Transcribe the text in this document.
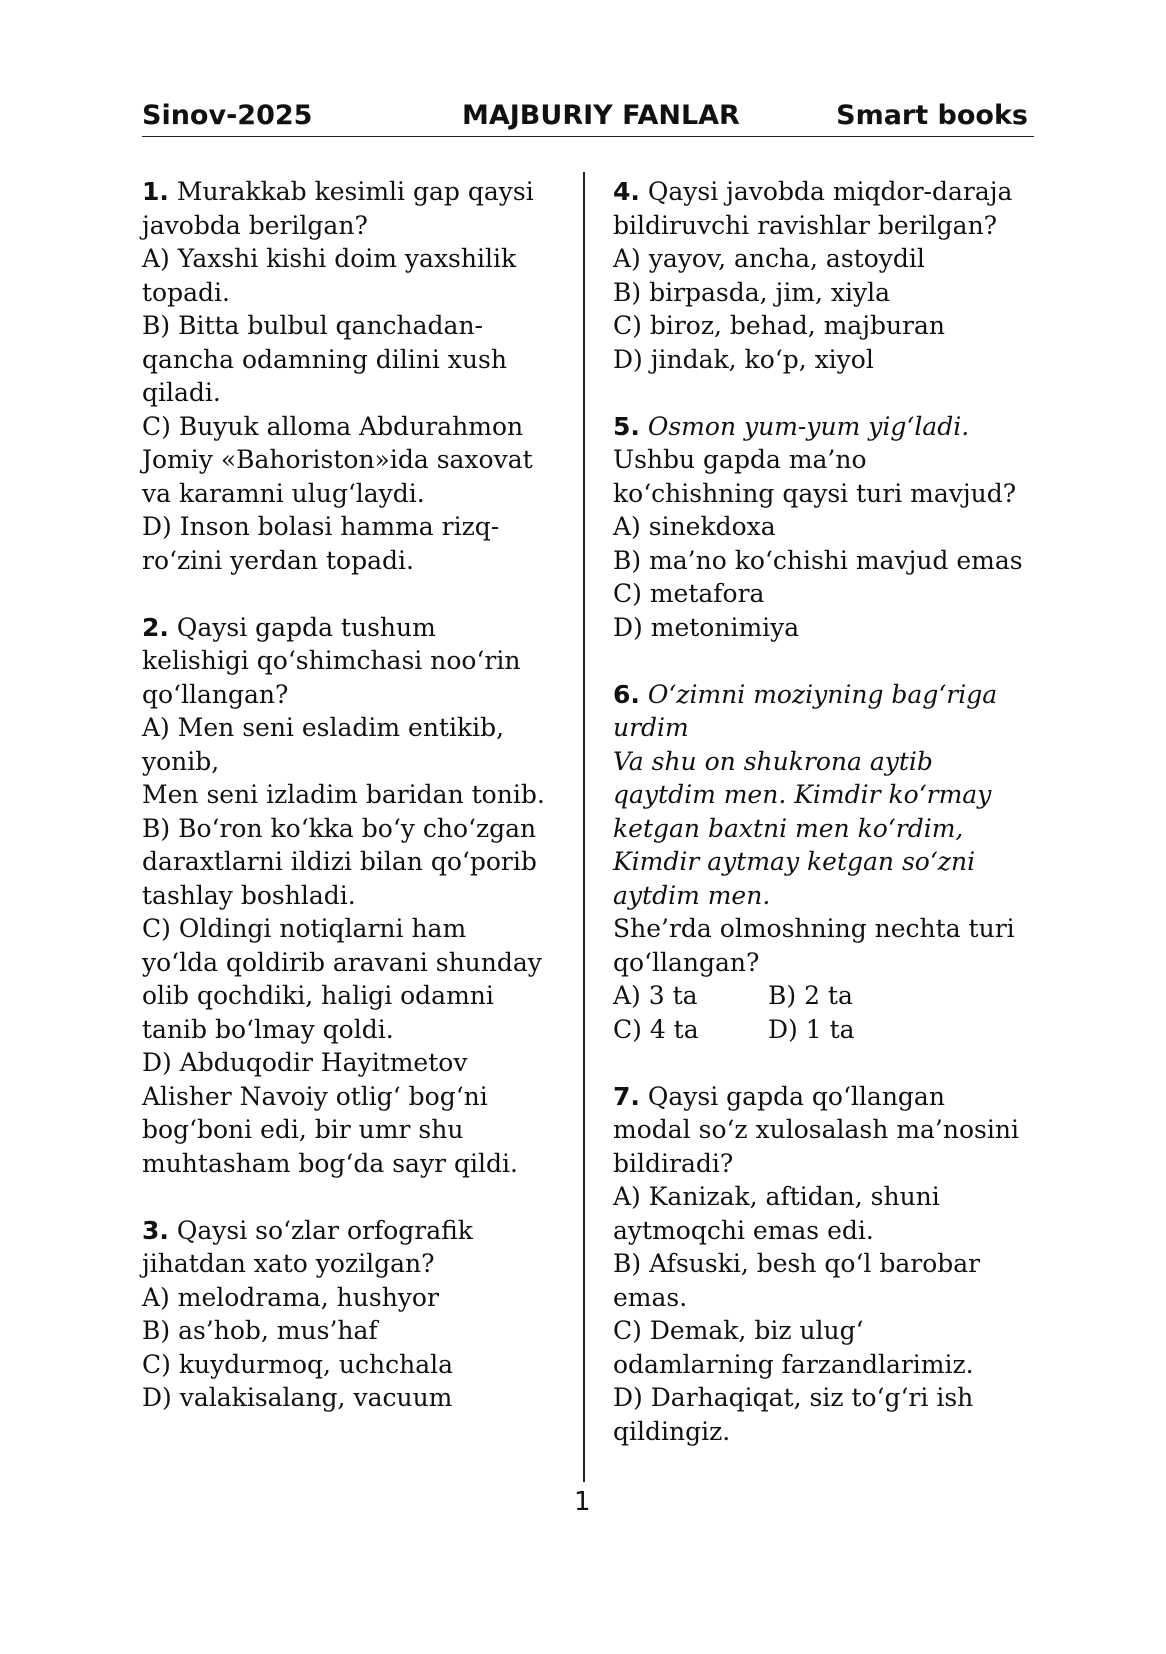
Sinov-2025	MAJBURIY FANLAR	Smart books
1. Murakkab kesimli gap qaysi
javobda berilgan?
A) Yaxshi kishi doim yaxshilik
topadi.
B) Bitta bulbul qanchadan-
qancha odamning dilini xush
qiladi.
C) Buyuk alloma Abdurahmon
Jomiy «Bahoriston»ida saxovat
va karamni ulug‘laydi.
D) Inson bolasi hamma rizq-
ro‘zini yerdan topadi.
2. Qaysi gapda tushum
kelishigi qo‘shimchasi noo‘rin
qo‘llangan?
A) Men seni esladim entikib,
yonib,
Men seni izladim baridan tonib.
B) Bo‘ron ko‘kka bo‘y cho‘zgan
daraxtlarni ildizi bilan qo‘porib
tashlay boshladi.
C) Oldingi notiqlarni ham
yo‘lda qoldirib aravani shunday
olib qochdiki, haligi odamni
tanib bo‘lmay qoldi.
D) Abduqodir Hayitmetov
Alisher Navoiy otlig‘ bog‘ni
bog‘boni edi, bir umr shu
muhtasham bog‘da sayr qildi.
3. Qaysi so‘zlar orfografik
jihatdan xato yozilgan?
A) melodrama, hushyor
B) as’hob, mus’haf
C) kuydurmoq, uchchala
D) valakisalang, vacuum
4. Qaysi javobda miqdor-daraja
bildiruvchi ravishlar berilgan?
A) yayov, ancha, astoydil
B) birpasda, jim, xiyla
C) biroz, behad, majburan
D) jindak, ko‘p, xiyol
5. Osmon yum-yum yig‘ladi.
Ushbu gapda ma’no
ko‘chishning qaysi turi mavjud?
A) sinekdoxa
B) ma’no ko‘chishi mavjud emas
C) metafora
D) metonimiya
6. O‘zimni moziyning bag‘riga
urdim
Va shu on shukrona aytib
qaytdim men. Kimdir ko‘rmay
ketgan baxtni men ko‘rdim,
Kimdir aytmay ketgan so‘zni
aytdim men.
She’rda olmoshning nechta turi
qo‘llangan?
A) 3 ta	B) 2 ta
C) 4 ta	D) 1 ta
7. Qaysi gapda qo‘llangan
modal so‘z xulosalash ma’nosini
bildiradi?
A) Kanizak, aftidan, shuni
aytmoqchi emas edi.
B) Afsuski, besh qo‘l barobar
emas.
C) Demak, biz ulug‘
odamlarning farzandlarimiz.
D) Darhaqiqat, siz to‘g‘ri ish
qildingiz.
1
